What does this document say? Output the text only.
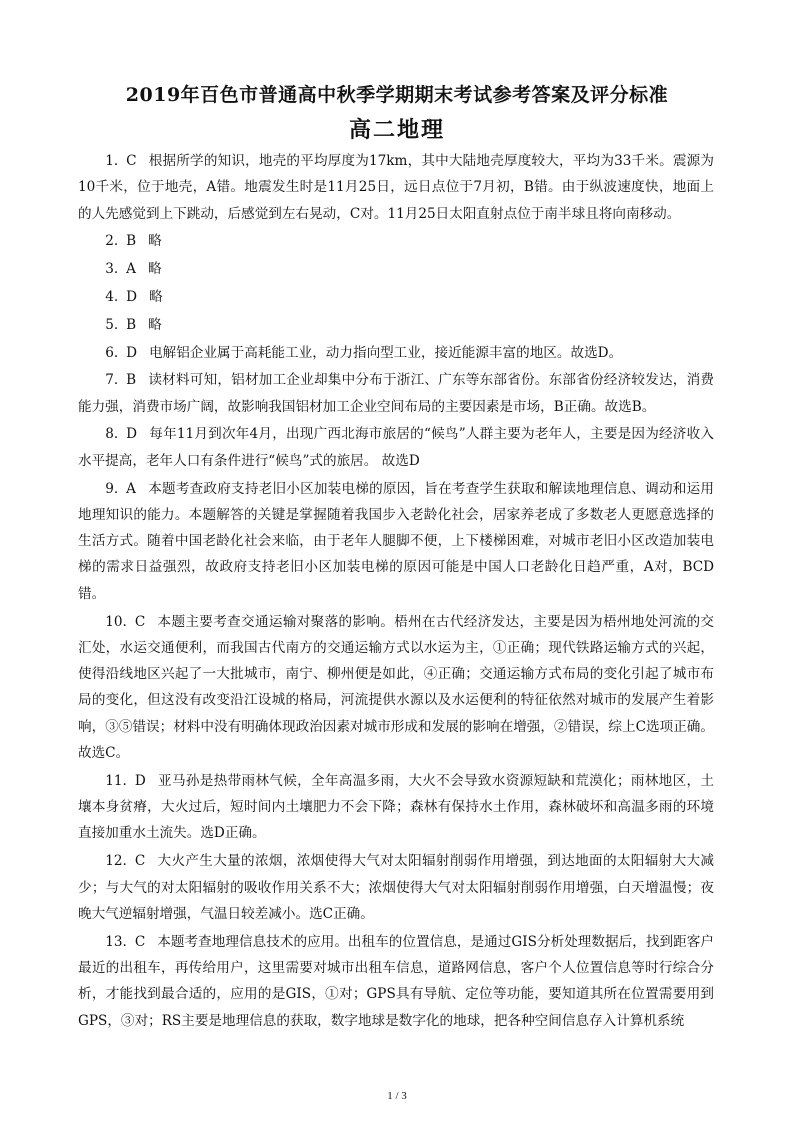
2019年百色市普通高中秋季学期期末考试参考答案及评分标准
高二地理

1. C 根据所学的知识，地壳的平均厚度为17km，其中大陆地壳厚度较大，平均为33千米。震源为10千米，位于地壳，A错。地震发生时是11月25日，远日点位于7月初，B错。由于纵波速度快，地面上的人先感觉到上下跳动，后感觉到左右晃动，C对。11月25日太阳直射点位于南半球且将向南移动。

2. B 略

3. A 略

4. D 略

5. B 略

6. D 电解铝企业属于高耗能工业，动力指向型工业，接近能源丰富的地区。故选D。

7. B 读材料可知，铝材加工企业却集中分布于浙江、广东等东部省份。东部省份经济较发达，消费能力强，消费市场广阔，故影响我国铝材加工企业空间布局的主要因素是市场，B正确。故选B。

8. D 每年11月到次年4月，出现广西北海市旅居的“候鸟”人群主要为老年人，主要是因为经济收入水平提高，老年人口有条件进行“候鸟”式的旅居。 故选D

9. A 本题考查政府支持老旧小区加装电梯的原因，旨在考查学生获取和解读地理信息、调动和运用地理知识的能力。本题解答的关键是掌握随着我国步入老龄化社会，居家养老成了多数老人更愿意选择的生活方式。随着中国老龄化社会来临，由于老年人腿脚不便，上下楼梯困难，对城市老旧小区改造加装电梯的需求日益强烈，故政府支持老旧小区加装电梯的原因可能是中国人口老龄化日趋严重，A对，BCD错。

10. C 本题主要考查交通运输对聚落的影响。梧州在古代经济发达，主要是因为梧州地处河流的交汇处，水运交通便利，而我国古代南方的交通运输方式以水运为主，①正确；现代铁路运输方式的兴起，使得沿线地区兴起了一大批城市，南宁、柳州便是如此，④正确；交通运输方式布局的变化引起了城市布局的变化，但这没有改变沿江设城的格局，河流提供水源以及水运便利的特征依然对城市的发展产生着影响，③⑤错误；材料中没有明确体现政治因素对城市形成和发展的影响在增强，②错误，综上C选项正确。故选C。

11. D 亚马孙是热带雨林气候，全年高温多雨，大火不会导致水资源短缺和荒漠化；雨林地区，土壤本身贫瘠，大火过后，短时间内土壤肥力不会下降；森林有保持水土作用，森林破坏和高温多雨的环境直接加重水土流失。选D正确。

12. C 大火产生大量的浓烟，浓烟使得大气对太阳辐射削弱作用增强，到达地面的太阳辐射大大减少；与大气的对太阳辐射的吸收作用关系不大；浓烟使得大气对太阳辐射削弱作用增强，白天增温慢；夜晚大气逆辐射增强，气温日较差减小。选C正确。

13. C 本题考查地理信息技术的应用。出租车的位置信息，是通过GIS分析处理数据后，找到距客户最近的出租车，再传给用户，这里需要对城市出租车信息，道路网信息，客户个人位置信息等时行综合分析，才能找到最合适的，应用的是GIS，①对；GPS具有导航、定位等功能，要知道其所在位置需要用到GPS，③对；RS主要是地理信息的获取，数字地球是数字化的地球，把各种空间信息存入计算机系统

1 / 3
